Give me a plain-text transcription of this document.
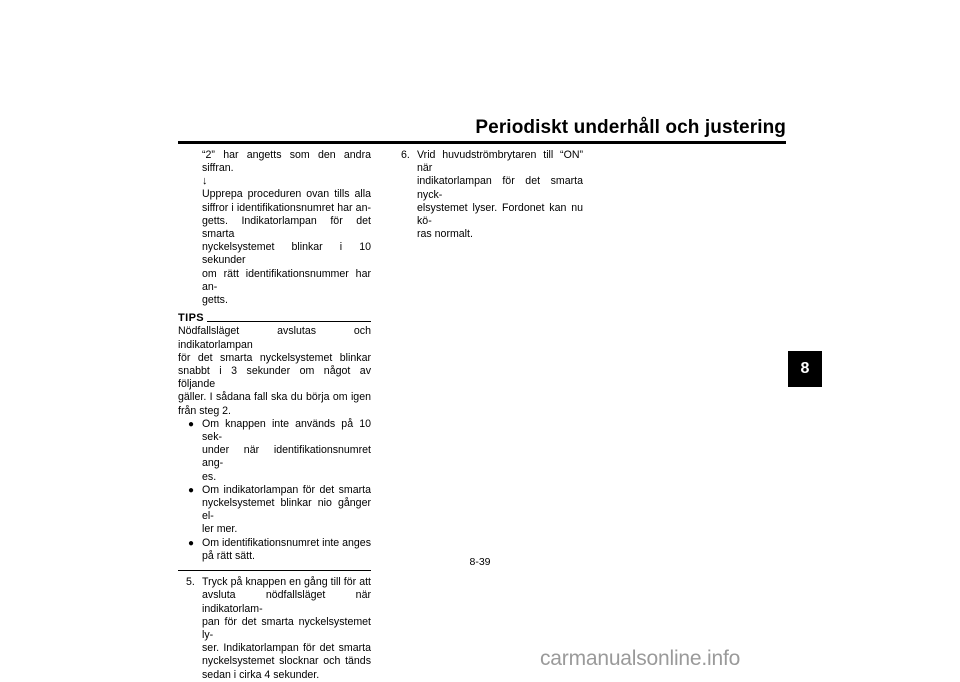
Periodiskt underhåll och justering
8
“2” har angetts som den andra siffran.
↓
Upprepa proceduren ovan tills alla
siffror i identifikationsnumret har an-
getts. Indikatorlampan för det smarta
nyckelsystemet blinkar i 10 sekunder
om rätt identifikationsnummer har an-
getts.
TIPS
Nödfallsläget avslutas och indikatorlampan
för det smarta nyckelsystemet blinkar
snabbt i 3 sekunder om något av följande
gäller. I sådana fall ska du börja om igen
från steg 2.
● Om knappen inte används på 10 sek-
under när identifikationsnumret ang-
es.
● Om indikatorlampan för det smarta
nyckelsystemet blinkar nio gånger el-
ler mer.
● Om identifikationsnumret inte anges
på rätt sätt.
5. Tryck på knappen en gång till för att
avsluta nödfallsläget när indikatorlam-
pan för det smarta nyckelsystemet ly-
ser. Indikatorlampan för det smarta
nyckelsystemet slocknar och tänds
sedan i cirka 4 sekunder.
6. Vrid huvudströmbrytaren till “ON” när
indikatorlampan för det smarta nyck-
elsystemet lyser. Fordonet kan nu kö-
ras normalt.
8-39
carmanualsonline.info
